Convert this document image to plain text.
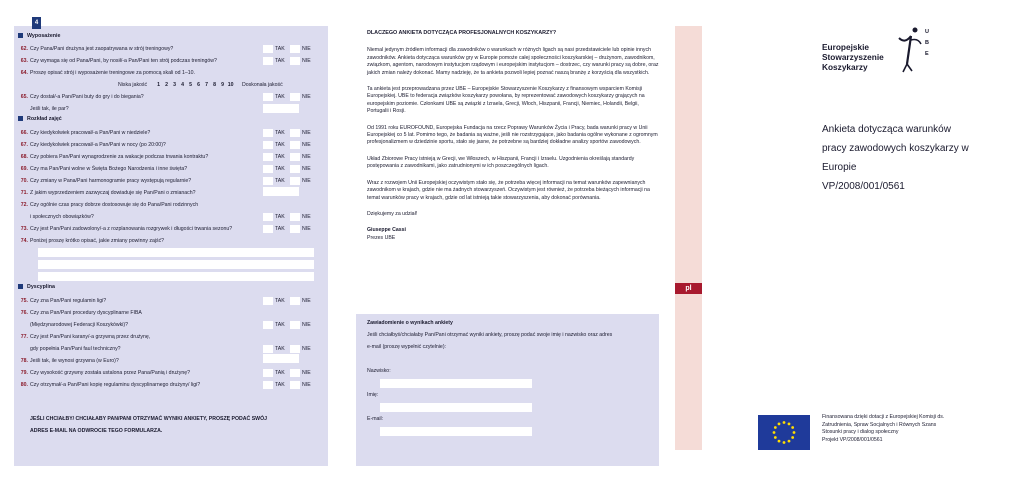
4
Wyposażenie
62. Czy Pana/Pani drużyna jest zaopatrywana w strój treningowy?	TAK	NIE
63. Czy wymaga się od Pana/Pani, by nosił/-a Pan/Pani ten strój podczas treningów?	TAK	NIE
64. Proszę opisać strój i wyposażenie treningowe za pomocą skali od 1–10.
65. Czy dostał/-a Pan/Pani buty do gry i do biegania?	TAK	NIE
Jeśli tak, ile par?
66. Czy kiedykolwiek pracował/-a Pan/Pani w niedziele?	TAK	NIE
67. Czy kiedykolwiek pracował/-a Pan/Pani w nocy (po 20:00)?	TAK	NIE
68. Czy pobiera Pan/Pani wynagrodzenie za wakacje podczas trwania kontraktu?	TAK	NIE
69. Czy ma Pan/Pani wolne w Święta Bożego Narodzenia i inne święta?	TAK	NIE
70. Czy zmiany w Pana/Pani harmonogramie pracy występują regularnie?	TAK	NIE
71. Z jakim wyprzedzeniem zazwyczaj dowiaduje się Pan/Pani o zmianach?
72. Czy ogólnie czas pracy dobrze dostosowuje się do Pana/Pani rodzinnych
i społecznych obowiązków?	TAK	NIE
73. Czy jest Pan/Pani zadowolony/-a z rozplanowania rozgrywek i długości trwania sezonu?	TAK	NIE
74. Poniżej proszę krótko opisać, jakie zmiany powinny zajść?
75. Czy zna Pan/Pani regulamin ligi?	TAK	NIE
76. Czy zna Pan/Pani procedury dyscyplinarne FIBA
(Międzynarodowej Federacji Koszykówki)?	TAK	NIE
77. Czy jest Pan/Pani karany/-a grzywną przez drużynę,
gdy popełnia Pan/Pani faul techniczny?	TAK	NIE
78. Jeśli tak, ile wynosi grzywna (w Euro)?
79. Czy wysokość grzywny została ustalona przez Pana/Panią i drużynę?	TAK	NIE
80. Czy otrzymał/-a Pan/Pani kopię regulaminu dyscyplinarnego drużyny/ ligi?	TAK	NIE
Rozkład zajęć
Dyscyplina
Niska jakość 1 2 3 4 5 6 7 8 9 10 Doskonała jakość
JEŚLI CHCIAŁBY/ CHCIAŁABY PAN/PANI OTRZYMAĆ WYNIKI ANKIETY, PROSZĘ PODAĆ SWÓJ
ADRES E-MAIL NA ODWROCIE TEGO FORMULARZA.
DLACZEGO ANKIETA DOTYCZĄCA PROFESJONALNYCH KOSZYKARZY?

Niemal jedynym źródłem informacji dla zawodników o warunkach w różnych ligach są nasi przedstawiciele lub opinie innych zawodników. Ankieta dotycząca warunków gry w Europie pomoże całej społeczności koszykarskiej – drużynom, zawodnikom, związkom, agentom, narodowym instytucjom rządowym i europejskim instytucjom – dostrzec, czy warunki pracy są dobre, oraz jakich zmian należy dokonać. Mamy nadzieję, że ta ankieta pozwoli lepiej poznać naszą branżę z korzyścią dla wszystkich.

Ta ankieta jest przeprowadzana przez UBE – Europejskie Stowarzyszenie Koszykarzy z finansowym wsparciem Komisji Europejskiej. UBE to federacja związków koszykarzy powołana, by reprezentować zawodowych koszykarzy grających na europejskim poziomie. Członkami UBE są związki z Izraela, Grecji, Włoch, Hiszpanii, Francji, Niemiec, Holandii, Belgii, Portugalii i Rosji.

Od 1991 roku EUROFOUND, Europejska Fundacja na rzecz Poprawy Warunków Życia i Pracy, bada warunki pracy w Unii Europejskiej co 5 lat. Pomimo tego, że badania są ważne, jeśli nie rozstrzygające, jako badania ogólne wykonane z ogromnym profesjonalizmem w dziedzinie sportu, stało się jasne, że potrzebne są bardziej dokładne analizy sportów zawodowych.

Układ Zbiorowe Pracy istnieją w Grecji, we Włoszech, w Hiszpanii, Francji i Izraelu. Uzgodnienia określają standardy postępowania z zawodnikami, jako zatrudnionymi w ich poszczególnych ligach.

Wraz z rozwojem Unii Europejskiej oczywistym stało się, że potrzeba więcej informacji na temat warunków zapewnianych zawodnikom w krajach, gdzie nie ma żadnych stowarzyszeń. Oczywistym jest również, że potrzeba bieżących informacji na temat warunków pracy w krajach, gdzie od lat istnieją takie stowarzyszenia, aby dokonać porównania.

Dziękujemy za udział!

Giuseppe Cassi
Prezes UBE
Zawiadomienie o wynikach ankiety
Jeśli chciałbyś/chciałaby Pan/Pani otrzymać wyniki ankiety, proszę podać swoje imię i nazwisko oraz adres
e-mail (proszę wypełnić czytelnie):
Nazwisko:
Imię:
E-mail:
pl
Europejskie
Stowarzyszenie
Koszykarzy
U
B
E
Ankieta dotycząca warunków
pracy zawodowych koszykarzy w Europie
VP/2008/001/0561
Finansowana dzięki dotacji z Europejskiej Komisji ds.
Zatrudnienia, Spraw Socjalnych i Równych Szans
Stosunki pracy i dialog społeczny
Projekt VP/2008/001/0561
